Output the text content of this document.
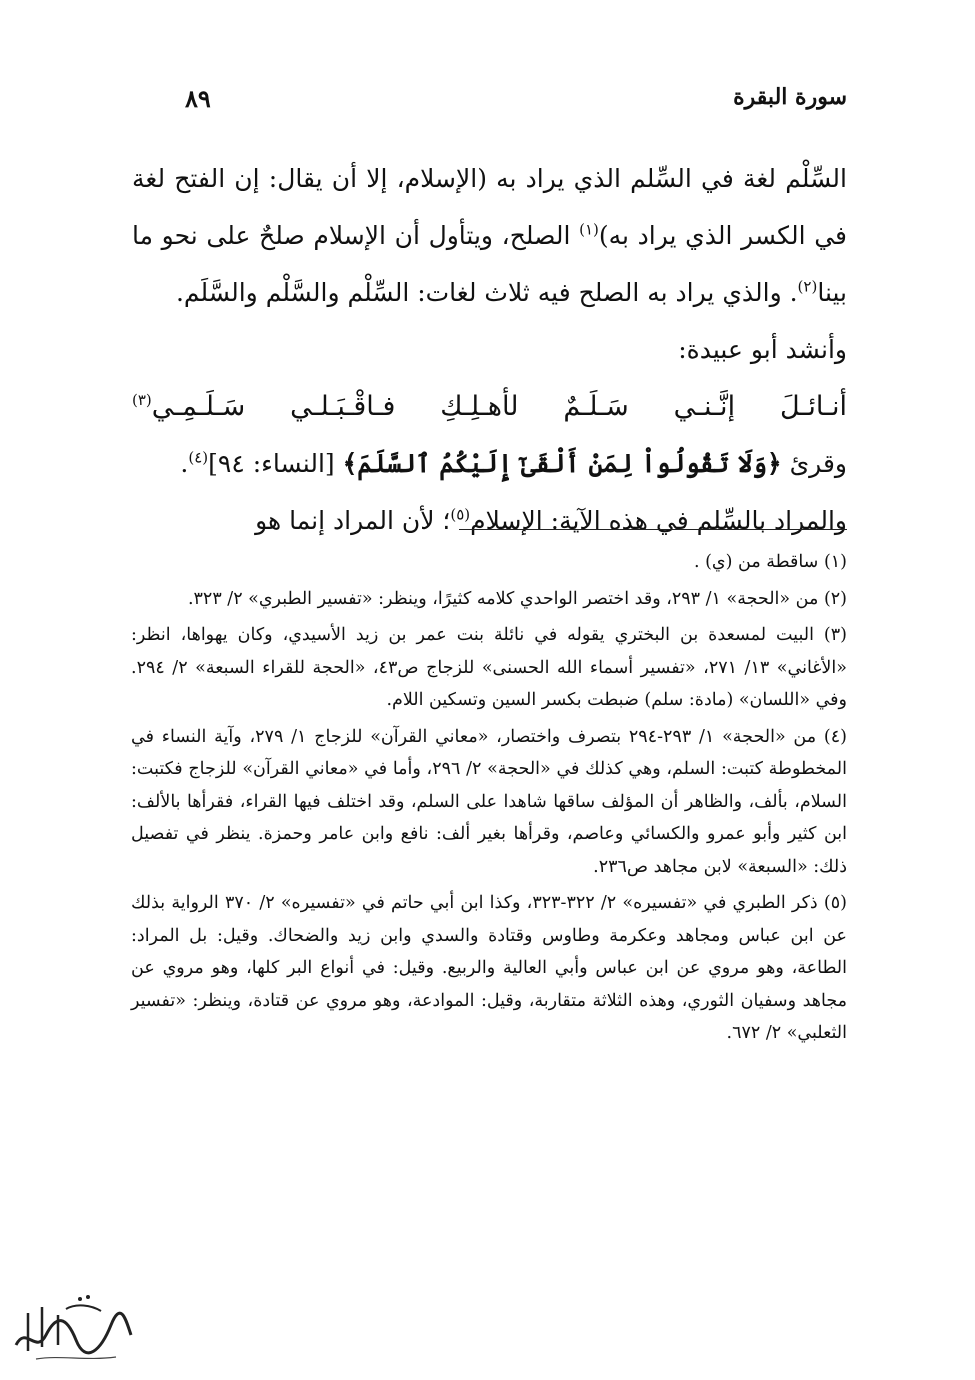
سورة البقرة
٨٩

السِّلْم لغة في السِّلم الذي يراد به (الإسلام، إلا أن يقال: إن الفتح لغة في الكسر الذي يراد به)$^{(١)}$ الصلح، ويتأول أن الإسلام صلحٌ على نحو ما بينا$^{(٢)}$. والذي يراد به الصلح فيه ثلاث لغات: السِّلْم والسَّلْم والسَّلَم.

وأنشد أبو عبيدة:

أنـائـلَ إنَّـنـي سَـلَـمٌ لأهـلِـكِ فـاقْـبَـلـي سَـلَـمِـي$^{(٣)}$

وقرئ ﴿وَلَا تَقُولُواْ لِمَنْ أَلْقَىٰٓ إِلَيْكُمُ ٱلسَّلَمَ﴾ [النساء: ٩٤]$^{(٤)}$.

والمراد بالسِّلم في هذه الآية: الإسلام$^{(٥)}$؛ لأن المراد إنما هو

(١) ساقطة من (ي) .

(٢) من «الحجة» ١/ ٢٩٣، وقد اختصر الواحدي كلامه كثيرًا، وينظر: «تفسير الطبري» ٢/ ٣٢٣.

(٣) البيت لمسعدة بن البختري يقوله في نائلة بنت عمر بن زيد الأسيدي، وكان يهواها، انظر: «الأغاني» ١٣/ ٢٧١، «تفسير أسماء الله الحسنى» للزجاج ص٤٣، «الحجة للقراء السبعة» ٢/ ٢٩٤. وفي «اللسان» (مادة: سلم) ضبطت بكسر السين وتسكين اللام.

(٤) من «الحجة» ١/ ٢٩٣-٢٩٤ بتصرف واختصار، «معاني القرآن» للزجاج ١/ ٢٧٩، وآية النساء في المخطوطة كتبت: السلم، وهي كذلك في «الحجة» ٢/ ٢٩٦، وأما في «معاني القرآن» للزجاج فكتبت: السلام، بألف، والظاهر أن المؤلف ساقها شاهدا على السلم، وقد اختلف فيها القراء، فقرأها بالألف: ابن كثير وأبو عمرو والكسائي وعاصم، وقرأها بغير ألف: نافع وابن عامر وحمزة. ينظر في تفصيل ذلك: «السبعة» لابن مجاهد ص٢٣٦.

(٥) ذكر الطبري في «تفسيره» ٢/ ٣٢٢-٣٢٣، وكذا ابن أبي حاتم في «تفسيره» ٢/ ٣٧٠ الرواية بذلك عن ابن عباس ومجاهد وعكرمة وطاوس وقتادة والسدي وابن زيد والضحاك. وقيل: بل المراد: الطاعة، وهو مروي عن ابن عباس وأبي العالية والربيع. وقيل: في أنواع البر كلها، وهو مروي عن مجاهد وسفيان الثوري، وهذه الثلاثة متقاربة، وقيل: الموادعة، وهو مروي عن قتادة، وينظر: «تفسير الثعلبي» ٢/ ٦٧٢.
